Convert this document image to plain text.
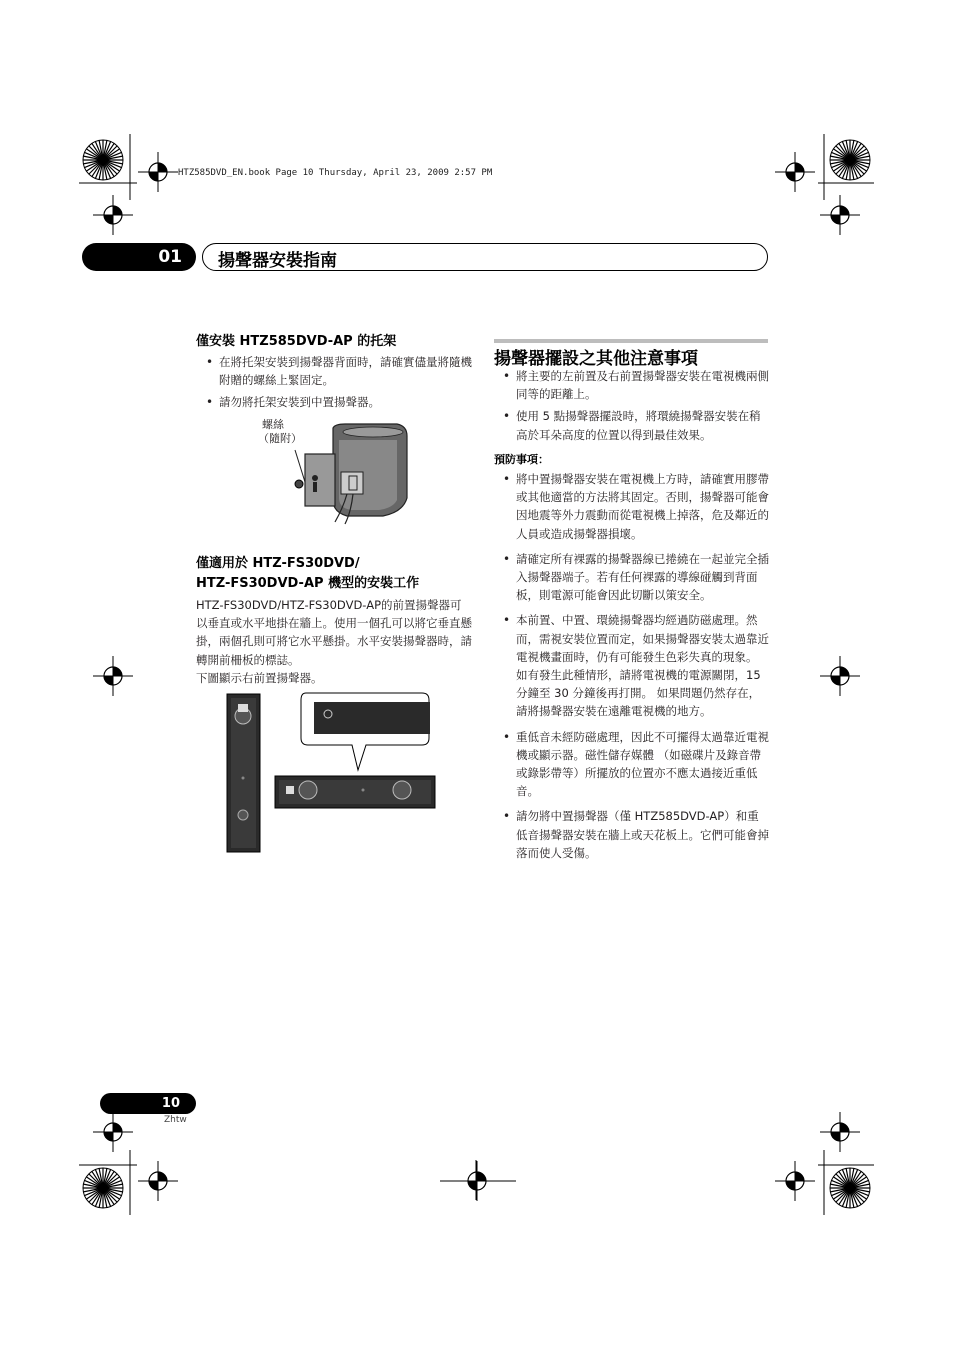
HTZ585DVD_EN.book Page 10 Thursday, April 23, 2009 2:57 PM
01	揚聲器安裝指南
僅安裝 HTZ585DVD-AP 的托架
• 在將托架安裝到揚聲器背面時，請確實儘量將隨機附贈的螺絲上緊固定。
• 請勿將托架安裝到中置揚聲器。
螺絲
（隨附）
僅適用於 HTZ-FS30DVD/
HTZ-FS30DVD-AP 機型的安裝工作
HTZ-FS30DVD/HTZ-FS30DVD-AP的前置揚聲器可以垂直或水平地掛在牆上。使用一個孔可以將它垂直懸掛，兩個孔則可將它水平懸掛。水平安裝揚聲器時，請轉開前柵板的標誌。
下圖顯示右前置揚聲器。
揚聲器擺設之其他注意事項
• 將主要的左前置及右前置揚聲器安裝在電視機兩側同等的距離上。
• 使用 5 點揚聲器擺設時，將環繞揚聲器安裝在稍高於耳朵高度的位置以得到最佳效果。
預防事項：
• 將中置揚聲器安裝在電視機上方時，請確實用膠帶或其他適當的方法將其固定。否則，揚聲器可能會因地震等外力震動而從電視機上掉落，危及鄰近的人員或造成揚聲器損壞。
• 請確定所有裸露的揚聲器線已捲繞在一起並完全插入揚聲器端子。若有任何裸露的導線碰觸到背面板，則電源可能會因此切斷以策安全。
• 本前置、中置、環繞揚聲器均經過防磁處理。然而，需視安裝位置而定，如果揚聲器安裝太過靠近電視機畫面時，仍有可能發生色彩失真的現象。 如有發生此種情形，請將電視機的電源關閉，15 分鐘至 30 分鐘後再打開。 如果問題仍然存在，請將揚聲器安裝在遠離電視機的地方。
• 重低音未經防磁處理，因此不可擺得太過靠近電視機或顯示器。磁性儲存媒體 （如磁碟片及錄音帶或錄影帶等）所擺放的位置亦不應太過接近重低音。
• 請勿將中置揚聲器（僅 HTZ585DVD-AP）和重低音揚聲器安裝在牆上或天花板上。它們可能會掉落而使人受傷。
10
Zhtw
